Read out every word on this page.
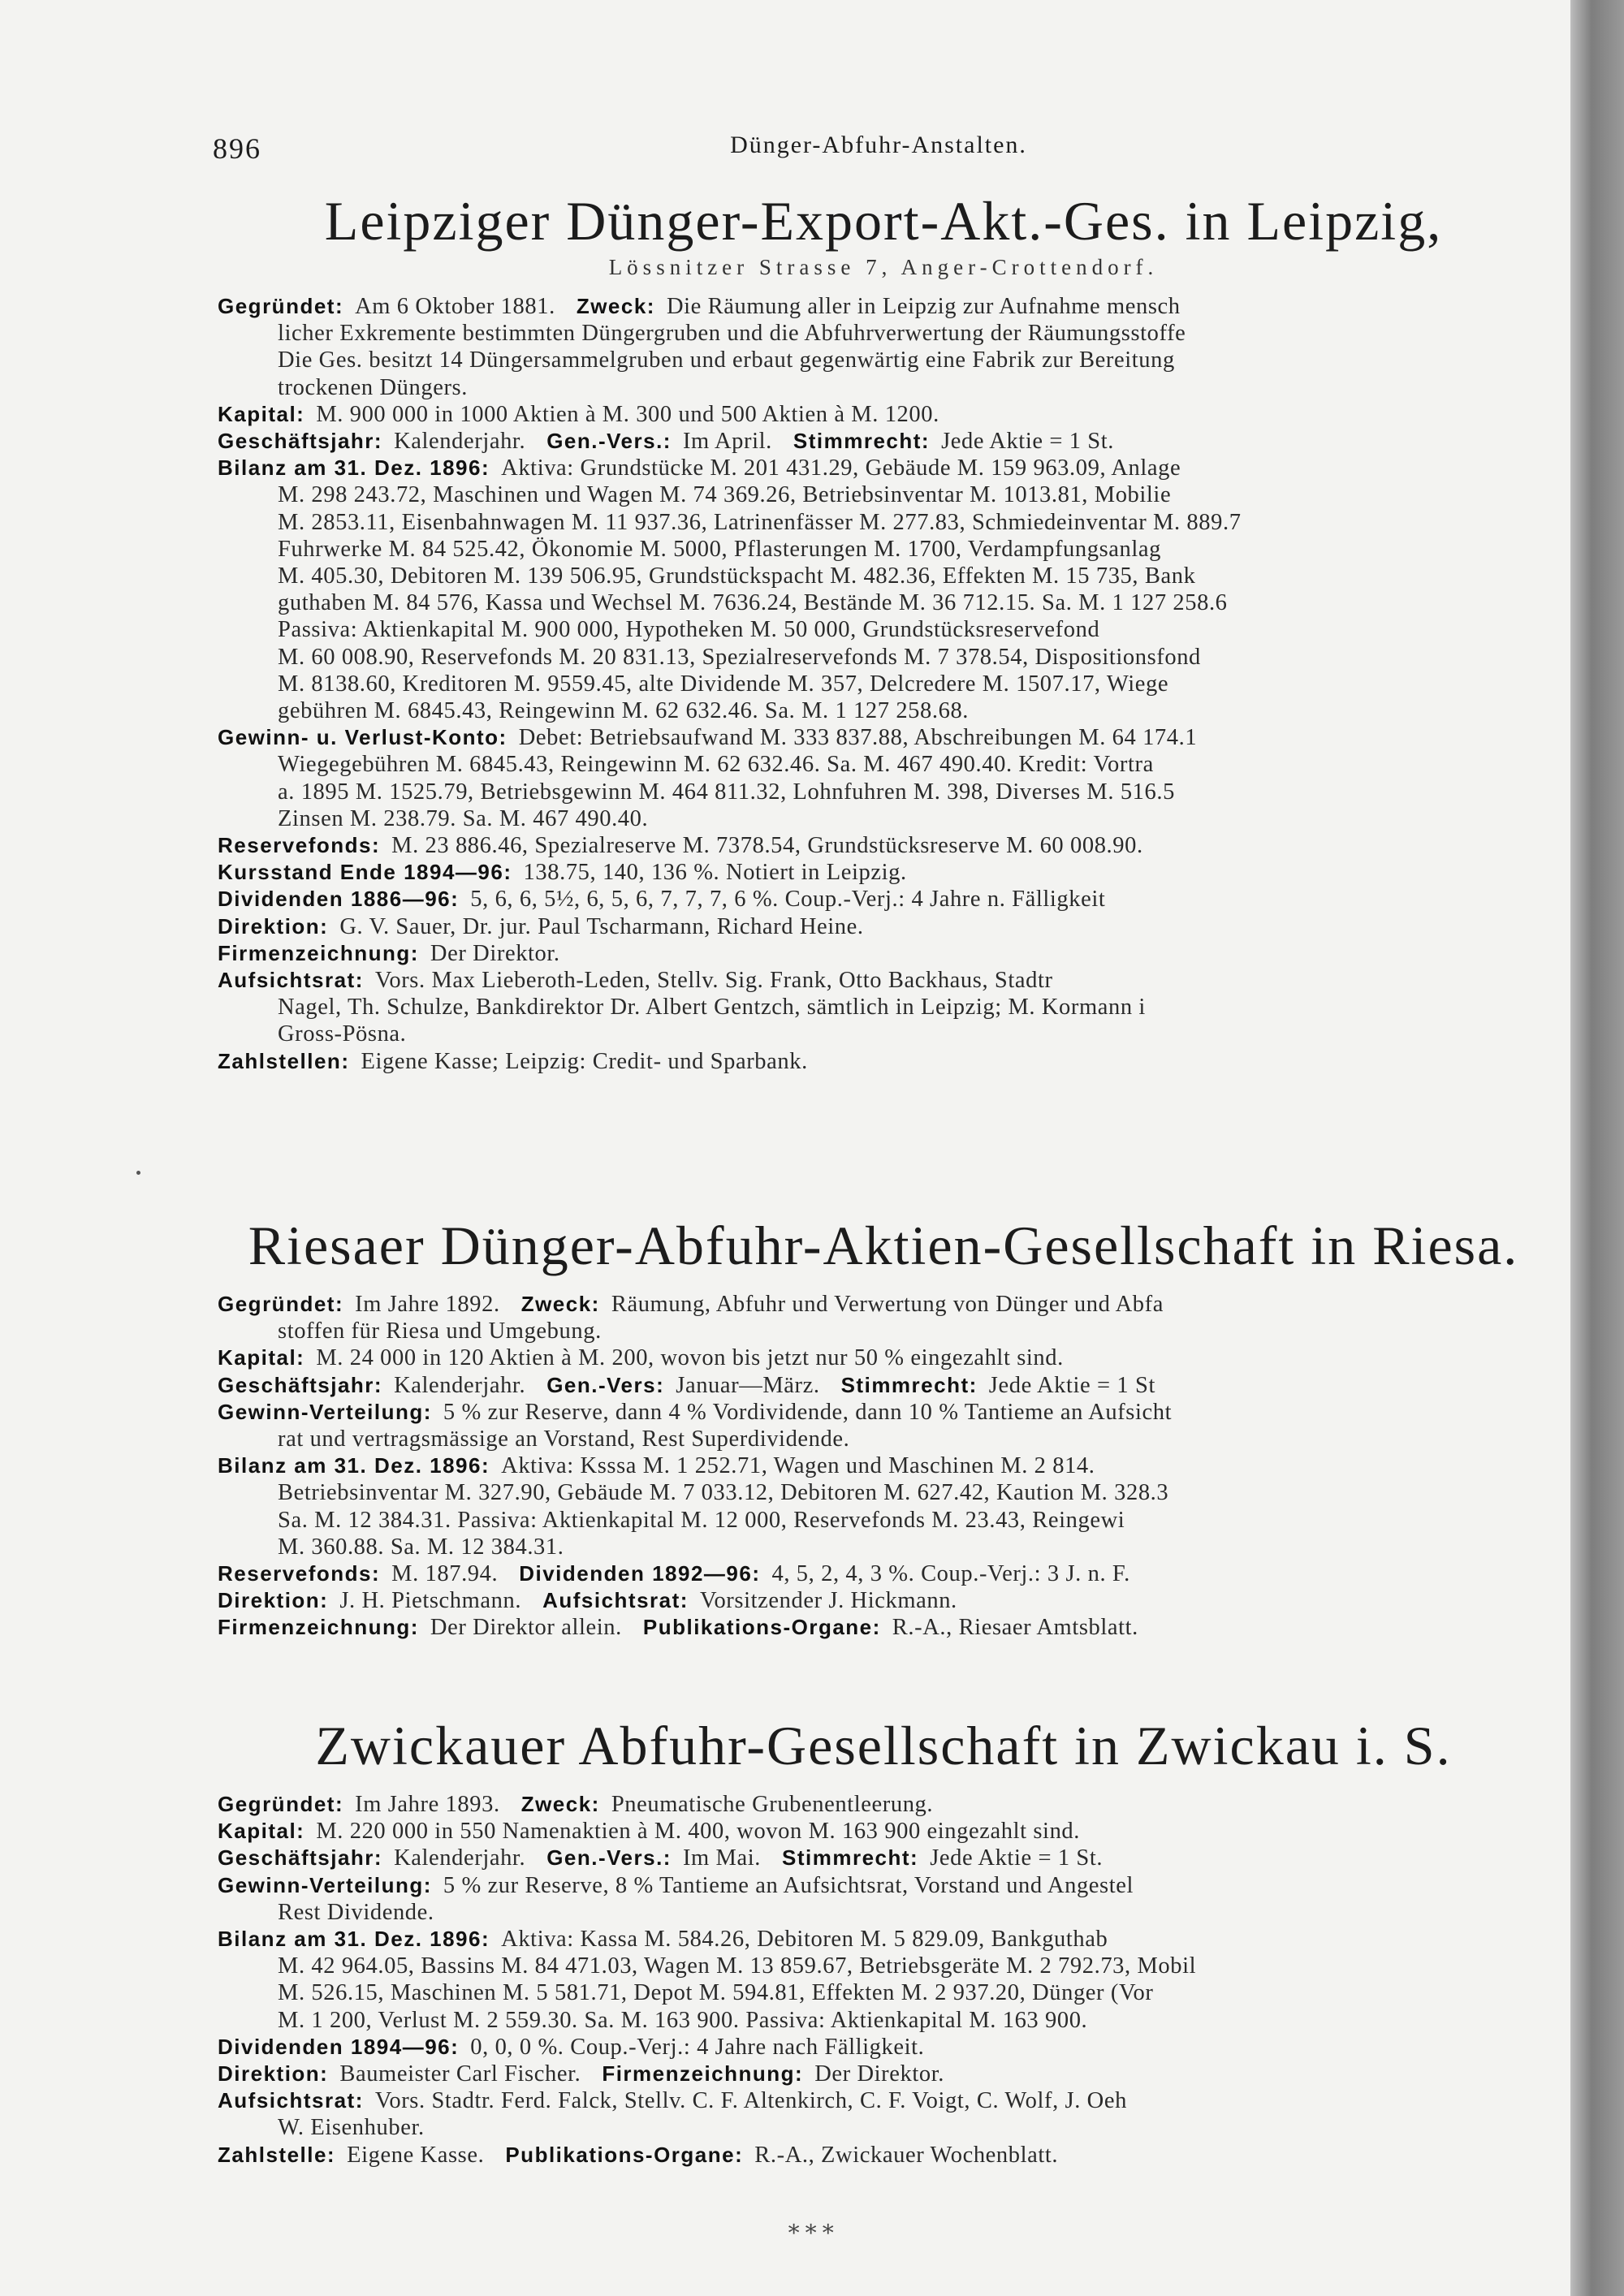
896	Dünger-Abfuhr-Anstalten.
Leipziger Dünger-Export-Akt.-Ges. in Leipzig,
Lössnitzer Strasse 7, Anger-Crottendorf.
Gegründet: Am 6 Oktober 1881. Zweck: Die Räumung aller in Leipzig zur Aufnahme mensch
licher Exkremente bestimmten Düngergruben und die Abfuhrverwertung der Räumungsstoffe
Die Ges. besitzt 14 Düngersammelgruben und erbaut gegenwärtig eine Fabrik zur Bereitung
trockenen Düngers.
Kapital: M. 900 000 in 1000 Aktien à M. 300 und 500 Aktien à M. 1200.
Geschäftsjahr: Kalenderjahr. Gen.-Vers.: Im April. Stimmrecht: Jede Aktie = 1 St.
Bilanz am 31. Dez. 1896: Aktiva: Grundstücke M. 201 431.29, Gebäude M. 159 963.09, Anlage
M. 298 243.72, Maschinen und Wagen M. 74 369.26, Betriebsinventar M. 1013.81, Mobilie
M. 2853.11, Eisenbahnwagen M. 11 937.36, Latrinenfässer M. 277.83, Schmiedeinventar M. 889.7
Fuhrwerke M. 84 525.42, Ökonomie M. 5000, Pflasterungen M. 1700, Verdampfungsanlag
M. 405.30, Debitoren M. 139 506.95, Grundstückspacht M. 482.36, Effekten M. 15 735, Bank
guthaben M. 84 576, Kassa und Wechsel M. 7636.24, Bestände M. 36 712.15. Sa. M. 1 127 258.6
Passiva: Aktienkapital M. 900 000, Hypotheken M. 50 000, Grundstücksreservefond
M. 60 008.90, Reservefonds M. 20 831.13, Spezialreservefonds M. 7 378.54, Dispositionsfond
M. 8138.60, Kreditoren M. 9559.45, alte Dividende M. 357, Delcredere M. 1507.17, Wiege
gebühren M. 6845.43, Reingewinn M. 62 632.46. Sa. M. 1 127 258.68.
Gewinn- u. Verlust-Konto: Debet: Betriebsaufwand M. 333 837.88, Abschreibungen M. 64 174.1
Wiegegebühren M. 6845.43, Reingewinn M. 62 632.46. Sa. M. 467 490.40. Kredit: Vortra
a. 1895 M. 1525.79, Betriebsgewinn M. 464 811.32, Lohnfuhren M. 398, Diverses M. 516.5
Zinsen M. 238.79. Sa. M. 467 490.40.
Reservefonds: M. 23 886.46, Spezialreserve M. 7378.54, Grundstücksreserve M. 60 008.90.
Kursstand Ende 1894—96: 138.75, 140, 136 %. Notiert in Leipzig.
Dividenden 1886—96: 5, 6, 6, 5½, 6, 5, 6, 7, 7, 7, 6 %. Coup.-Verj.: 4 Jahre n. Fälligkeit
Direktion: G. V. Sauer, Dr. jur. Paul Tscharmann, Richard Heine.
Firmenzeichnung: Der Direktor.
Aufsichtsrat: Vors. Max Lieberoth-Leden, Stellv. Sig. Frank, Otto Backhaus, Stadtr
Nagel, Th. Schulze, Bankdirektor Dr. Albert Gentzch, sämtlich in Leipzig; M. Kormann i
Gross-Pösna.
Zahlstellen: Eigene Kasse; Leipzig: Credit- und Sparbank.
Riesaer Dünger-Abfuhr-Aktien-Gesellschaft in Riesa.
Gegründet: Im Jahre 1892. Zweck: Räumung, Abfuhr und Verwertung von Dünger und Abfa
stoffen für Riesa und Umgebung.
Kapital: M. 24 000 in 120 Aktien à M. 200, wovon bis jetzt nur 50 % eingezahlt sind.
Geschäftsjahr: Kalenderjahr. Gen.-Vers: Januar—März. Stimmrecht: Jede Aktie = 1 St
Gewinn-Verteilung: 5 % zur Reserve, dann 4 % Vordividende, dann 10 % Tantieme an Aufsicht
rat und vertragsmässige an Vorstand, Rest Superdividende.
Bilanz am 31. Dez. 1896: Aktiva: Ksssa M. 1 252.71, Wagen und Maschinen M. 2 814.
Betriebsinventar M. 327.90, Gebäude M. 7 033.12, Debitoren M. 627.42, Kaution M. 328.3
Sa. M. 12 384.31. Passiva: Aktienkapital M. 12 000, Reservefonds M. 23.43, Reingewi
M. 360.88. Sa. M. 12 384.31.
Reservefonds: M. 187.94. Dividenden 1892—96: 4, 5, 2, 4, 3 %. Coup.-Verj.: 3 J. n. F.
Direktion: J. H. Pietschmann. Aufsichtsrat: Vorsitzender J. Hickmann.
Firmenzeichnung: Der Direktor allein. Publikations-Organe: R.-A., Riesaer Amtsblatt.
Zwickauer Abfuhr-Gesellschaft in Zwickau i. S.
Gegründet: Im Jahre 1893. Zweck: Pneumatische Grubenentleerung.
Kapital: M. 220 000 in 550 Namenaktien à M. 400, wovon M. 163 900 eingezahlt sind.
Geschäftsjahr: Kalenderjahr. Gen.-Vers.: Im Mai. Stimmrecht: Jede Aktie = 1 St.
Gewinn-Verteilung: 5 % zur Reserve, 8 % Tantieme an Aufsichtsrat, Vorstand und Angestel
Rest Dividende.
Bilanz am 31. Dez. 1896: Aktiva: Kassa M. 584.26, Debitoren M. 5 829.09, Bankguthab
M. 42 964.05, Bassins M. 84 471.03, Wagen M. 13 859.67, Betriebsgeräte M. 2 792.73, Mobil
M. 526.15, Maschinen M. 5 581.71, Depot M. 594.81, Effekten M. 2 937.20, Dünger (Vor
M. 1 200, Verlust M. 2 559.30. Sa. M. 163 900. Passiva: Aktienkapital M. 163 900.
Dividenden 1894—96: 0, 0, 0 %. Coup.-Verj.: 4 Jahre nach Fälligkeit.
Direktion: Baumeister Carl Fischer. Firmenzeichnung: Der Direktor.
Aufsichtsrat: Vors. Stadtr. Ferd. Falck, Stellv. C. F. Altenkirch, C. F. Voigt, C. Wolf, J. Oeh
W. Eisenhuber.
Zahlstelle: Eigene Kasse. Publikations-Organe: R.-A., Zwickauer Wochenblatt.
∗∗∗
